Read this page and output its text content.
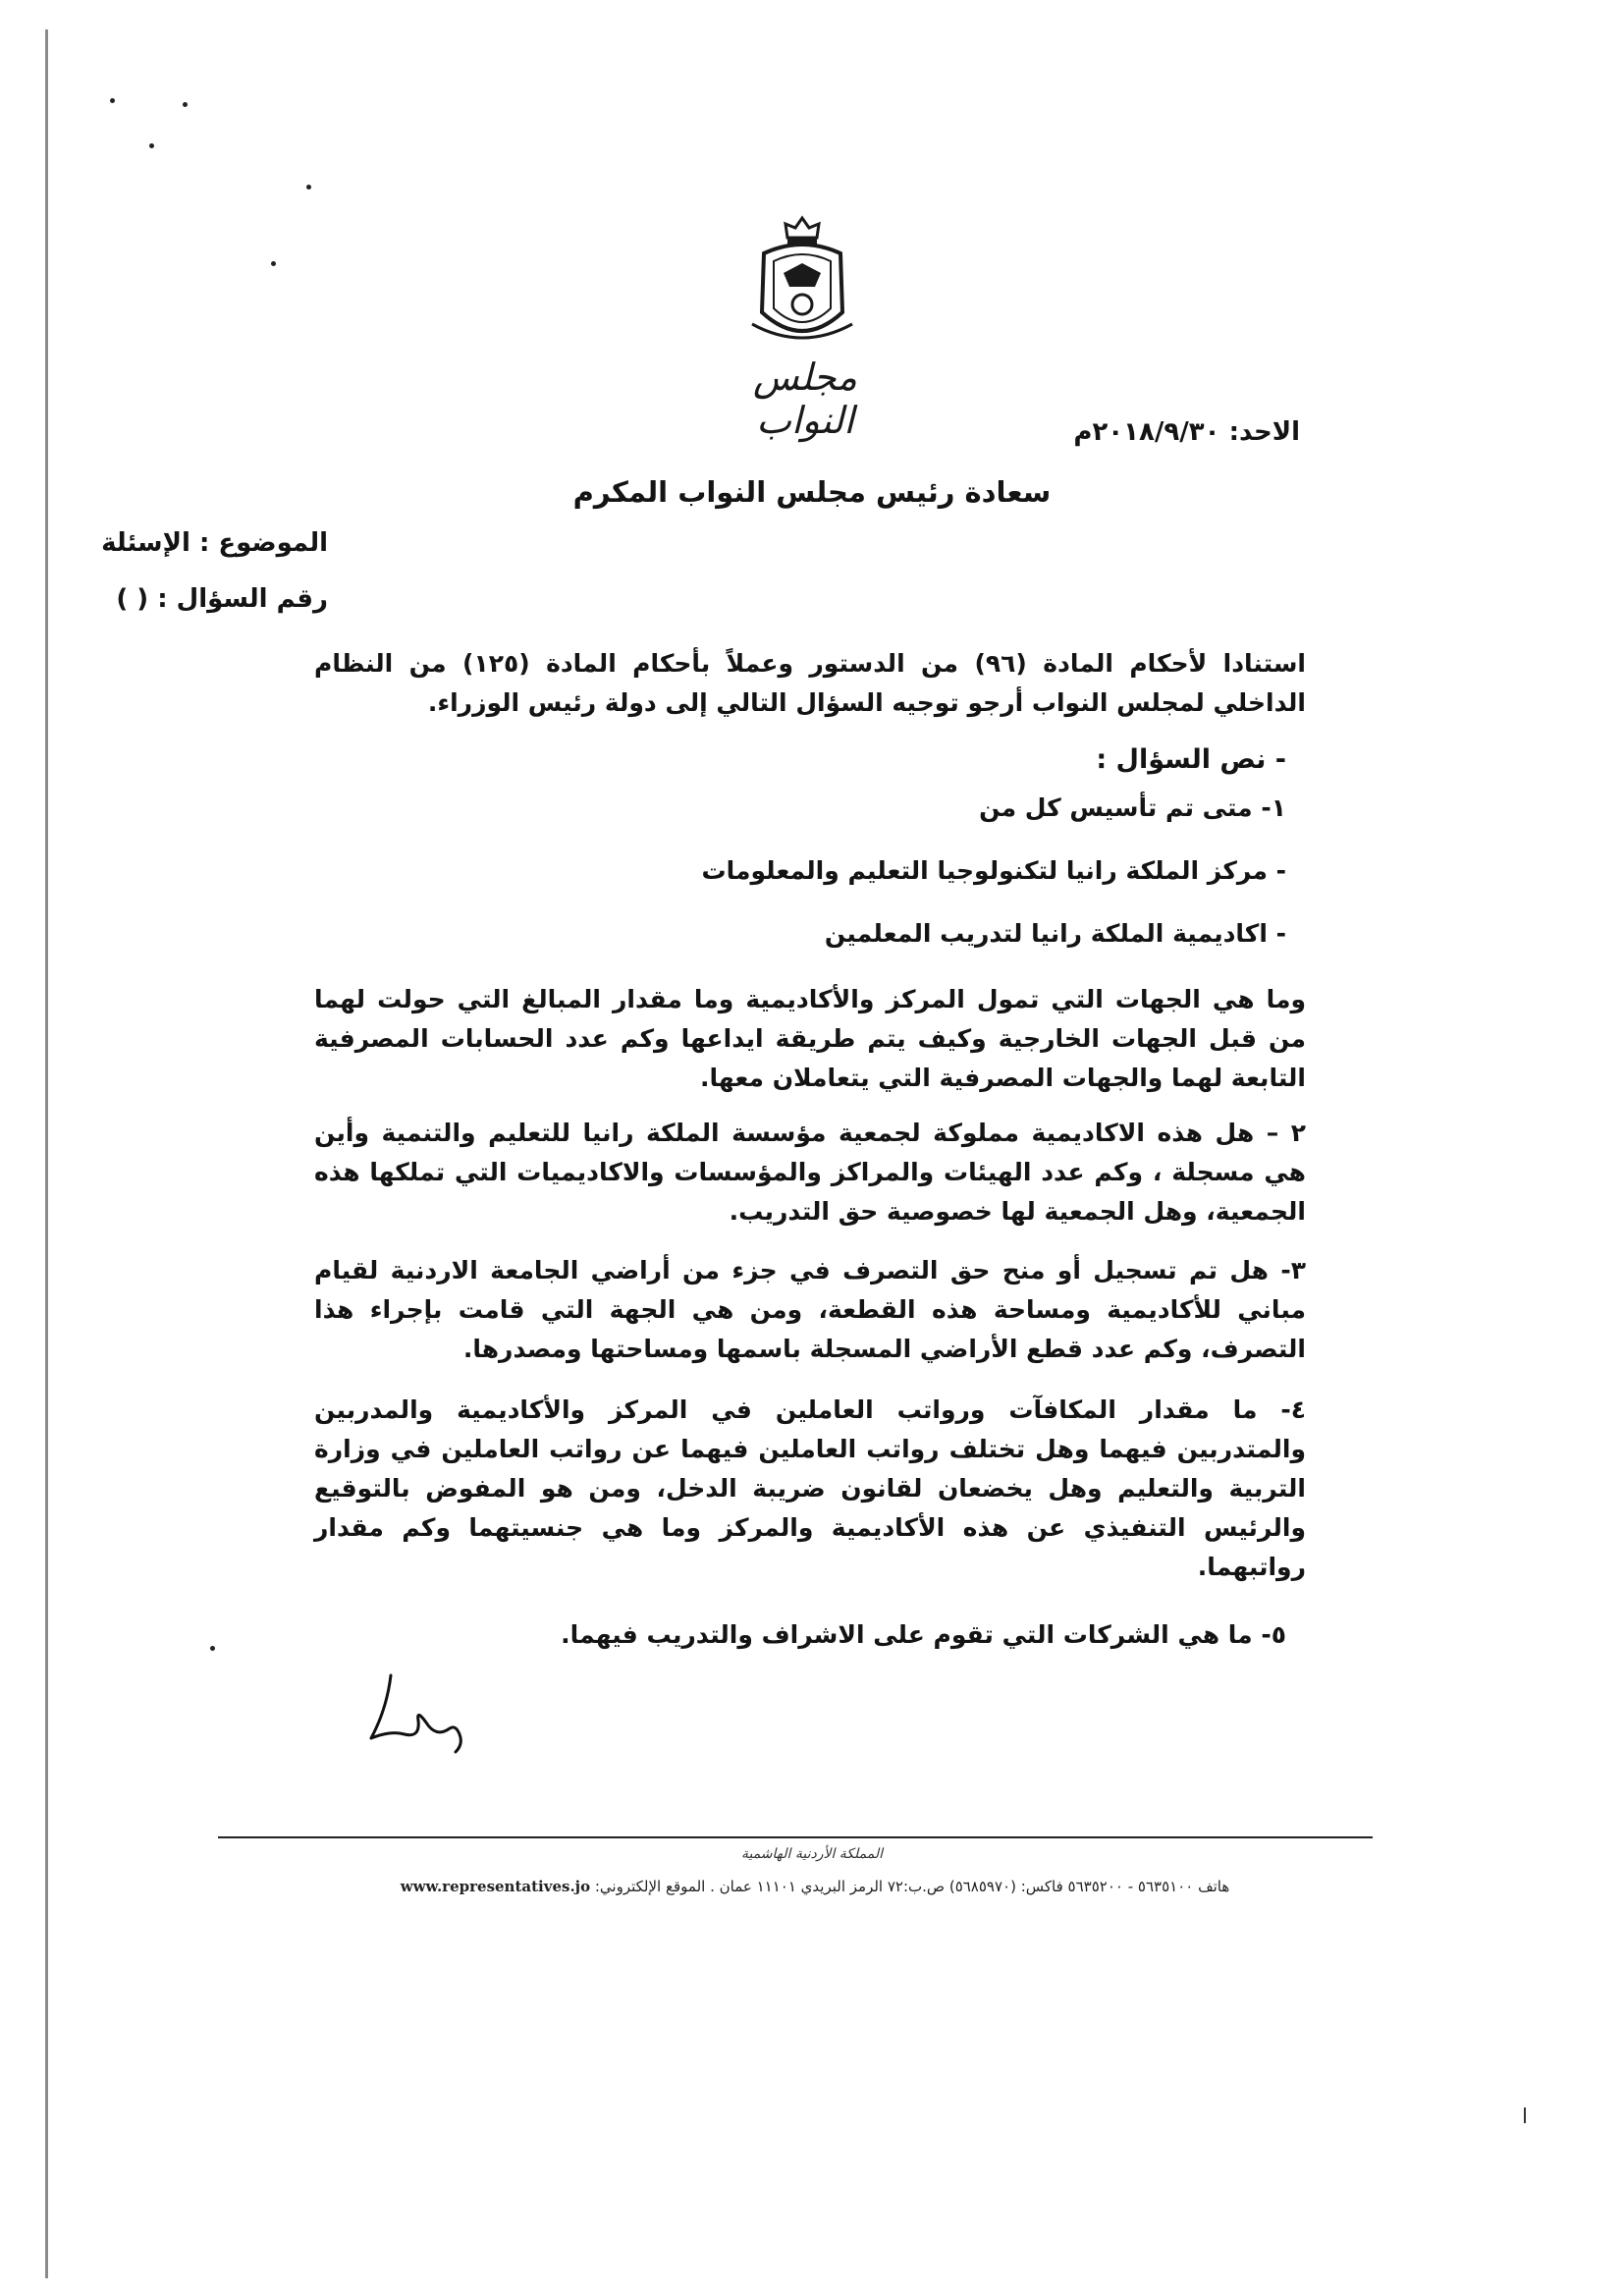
مجلس النواب	الاحد: ٢٠١٨/٩/٣٠م
سعادة رئيس مجلس النواب المكرم
الموضوع : الإسئلة
رقم السؤال : ( )
استنادا لأحكام المادة (٩٦) من الدستور وعملاً بأحكام المادة (١٢٥) من النظام الداخلي لمجلس النواب أرجو توجيه السؤال التالي إلى دولة رئيس الوزراء.
- نص السؤال :
١- متى تم تأسيس كل من
- مركز الملكة رانيا لتكنولوجيا التعليم والمعلومات
- اكاديمية الملكة رانيا لتدريب المعلمين
وما هي الجهات التي تمول المركز والأكاديمية وما مقدار المبالغ التي حولت لهما من قبل الجهات الخارجية وكيف يتم طريقة ايداعها وكم عدد الحسابات المصرفية التابعة لهما والجهات المصرفية التي يتعاملان معها.
٢ – هل هذه الاكاديمية مملوكة لجمعية مؤسسة الملكة رانيا للتعليم والتنمية وأين هي مسجلة ، وكم عدد الهيئات والمراكز والمؤسسات والاكاديميات التي تملكها هذه الجمعية، وهل الجمعية لها خصوصية حق التدريب.
٣- هل تم تسجيل أو منح حق التصرف في جزء من أراضي الجامعة الاردنية لقيام مباني للأكاديمية ومساحة هذه القطعة، ومن هي الجهة التي قامت بإجراء هذا التصرف، وكم عدد قطع الأراضي المسجلة باسمها ومساحتها ومصدرها.
٤- ما مقدار المكافآت ورواتب العاملين في المركز والأكاديمية والمدربين والمتدربين فيهما وهل تختلف رواتب العاملين فيهما عن رواتب العاملين في وزارة التربية والتعليم وهل يخضعان لقانون ضريبة الدخل، ومن هو المفوض بالتوقيع والرئيس التنفيذي عن هذه الأكاديمية والمركز وما هي جنسيتهما وكم مقدار رواتبهما.
٥- ما هي الشركات التي تقوم على الاشراف والتدريب فيهما.
المملكة الأردنية الهاشمية
هاتف ٥٦٣٥١٠٠ - ٥٦٣٥٢٠٠ فاكس: (٥٦٨٥٩٧٠) ص.ب:٧٢ الرمز البريدي ١١١٠١ عمان . الموقع الإلكتروني: www.representatives.jo
